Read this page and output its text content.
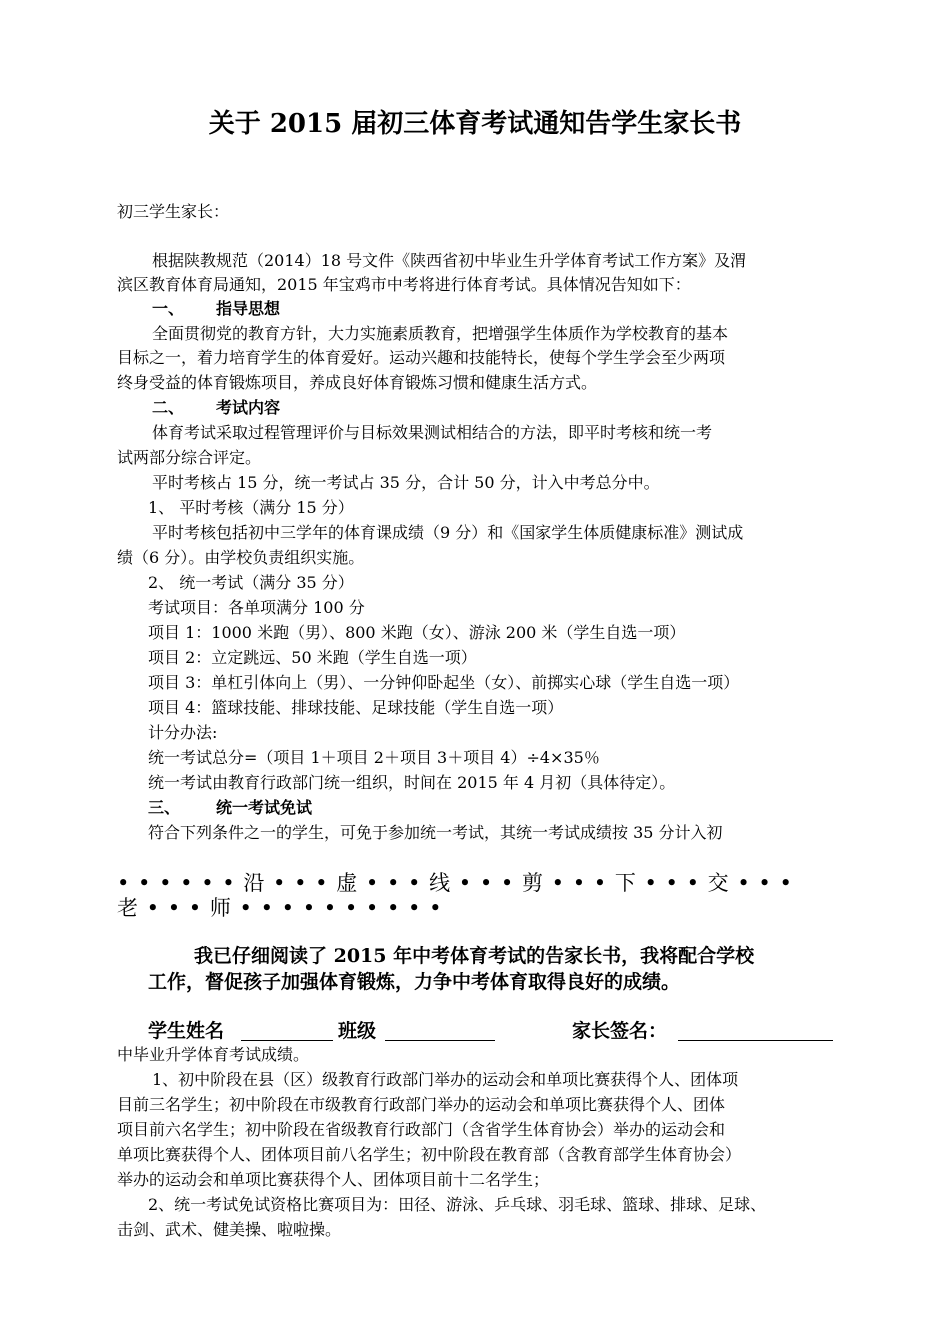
关于 2015 届初三体育考试通知告学生家长书
初三学生家长：
根据陕教规范（2014）18 号文件《陕西省初中毕业生升学体育考试工作方案》及渭
滨区教育体育局通知，2015 年宝鸡市中考将进行体育考试。具体情况告知如下：
一、 指导思想
全面贯彻党的教育方针，大力实施素质教育，把增强学生体质作为学校教育的基本
目标之一，着力培育学生的体育爱好。运动兴趣和技能特长，使每个学生学会至少两项
终身受益的体育锻炼项目，养成良好体育锻炼习惯和健康生活方式。
二、 考试内容
体育考试采取过程管理评价与目标效果测试相结合的方法，即平时考核和统一考
试两部分综合评定。
平时考核占 15 分，统一考试占 35 分，合计 50 分，计入中考总分中。
1、 平时考核（满分 15 分）
平时考核包括初中三学年的体育课成绩（9 分）和《国家学生体质健康标准》测试成
绩（6 分）。由学校负责组织实施。
2、 统一考试（满分 35 分）
考试项目：各单项满分 100 分
项目 1：1000 米跑（男）、800 米跑（女）、游泳 200 米（学生自选一项）
项目 2：立定跳远、50 米跑（学生自选一项）
项目 3：单杠引体向上（男）、一分钟仰卧起坐（女）、前掷实心球（学生自选一项）
项目 4：篮球技能、排球技能、足球技能（学生自选一项）
计分办法:
统一考试总分=（项目 1＋项目 2＋项目 3＋项目 4）÷4×35％
统一考试由教育行政部门统一组织，时间在 2015 年 4 月初（具体待定）。
三、 统一考试免试
符合下列条件之一的学生，可免于参加统一考试，其统一考试成绩按 35 分计入初
• • • • • • 沿 • • • 虚 • • • 线 • • • 剪 • • • 下 • • • 交 • • •
老 • • • 师 • • • • • • • • • •
我已仔细阅读了 2015 年中考体育考试的告家长书，我将配合学校
工作，督促孩子加强体育锻炼，力争中考体育取得良好的成绩。
学生姓名	班级	家长签名：
中毕业升学体育考试成绩。
1、初中阶段在县（区）级教育行政部门举办的运动会和单项比赛获得个人、团体项
目前三名学生；初中阶段在市级教育行政部门举办的运动会和单项比赛获得个人、团体
项目前六名学生；初中阶段在省级教育行政部门（含省学生体育协会）举办的运动会和
单项比赛获得个人、团体项目前八名学生；初中阶段在教育部（含教育部学生体育协会）
举办的运动会和单项比赛获得个人、团体项目前十二名学生；
2、统一考试免试资格比赛项目为：田径、游泳、乒乓球、羽毛球、篮球、排球、足球、
击剑、武术、健美操、啦啦操。
